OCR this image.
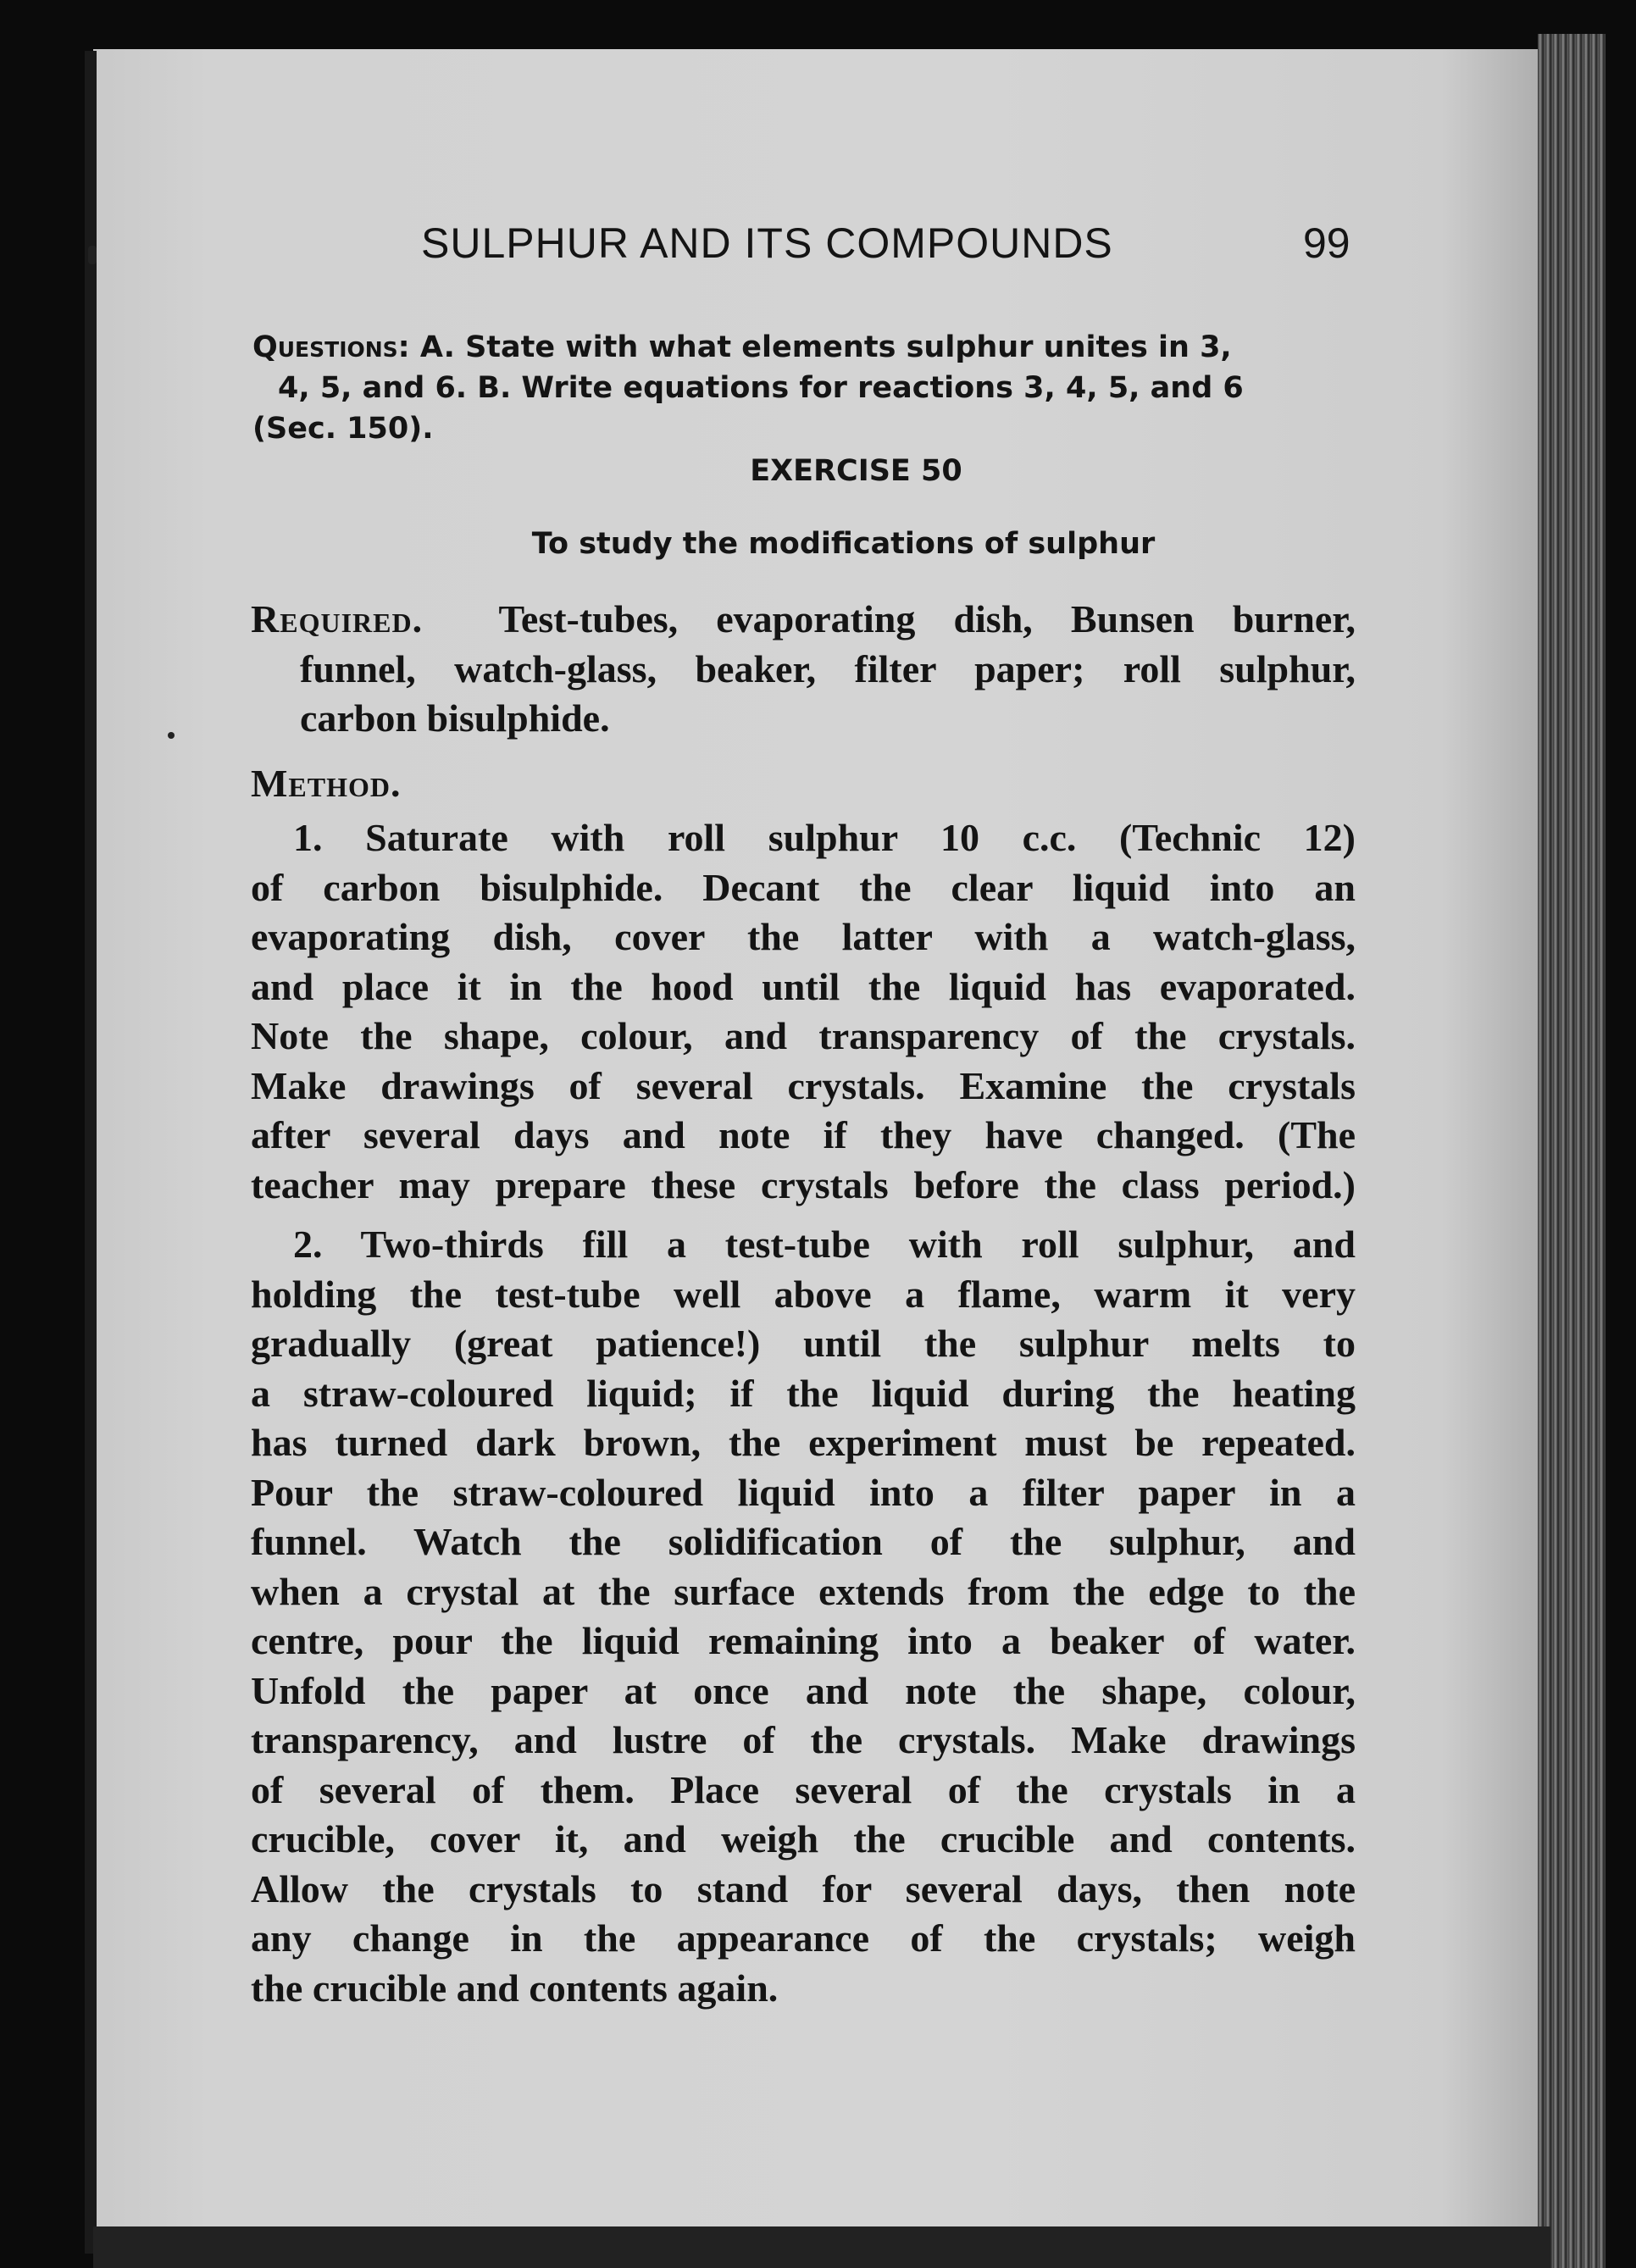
SULPHUR AND ITS COMPOUNDS	99
Questions: A. State with what elements sulphur unites in 3,
4, 5, and 6. B. Write equations for reactions 3, 4, 5, and 6
(Sec. 150).
EXERCISE 50
To study the modifications of sulphur
Required. Test-tubes, evaporating dish, Bunsen burner,
funnel, watch-glass, beaker, filter paper; roll sulphur,
carbon bisulphide.
Method.
1. Saturate with roll sulphur 10 c.c. (Technic 12)
of carbon bisulphide. Decant the clear liquid into an
evaporating dish, cover the latter with a watch-glass,
and place it in the hood until the liquid has evaporated.
Note the shape, colour, and transparency of the crystals.
Make drawings of several crystals. Examine the crystals
after several days and note if they have changed. (The
teacher may prepare these crystals before the class period.)
2. Two-thirds fill a test-tube with roll sulphur, and
holding the test-tube well above a flame, warm it very
gradually (great patience!) until the sulphur melts to
a straw-coloured liquid; if the liquid during the heating
has turned dark brown, the experiment must be repeated.
Pour the straw-coloured liquid into a filter paper in a
funnel. Watch the solidification of the sulphur, and
when a crystal at the surface extends from the edge to the
centre, pour the liquid remaining into a beaker of water.
Unfold the paper at once and note the shape, colour,
transparency, and lustre of the crystals. Make drawings
of several of them. Place several of the crystals in a
crucible, cover it, and weigh the crucible and contents.
Allow the crystals to stand for several days, then note
any change in the appearance of the crystals; weigh
the crucible and contents again.
